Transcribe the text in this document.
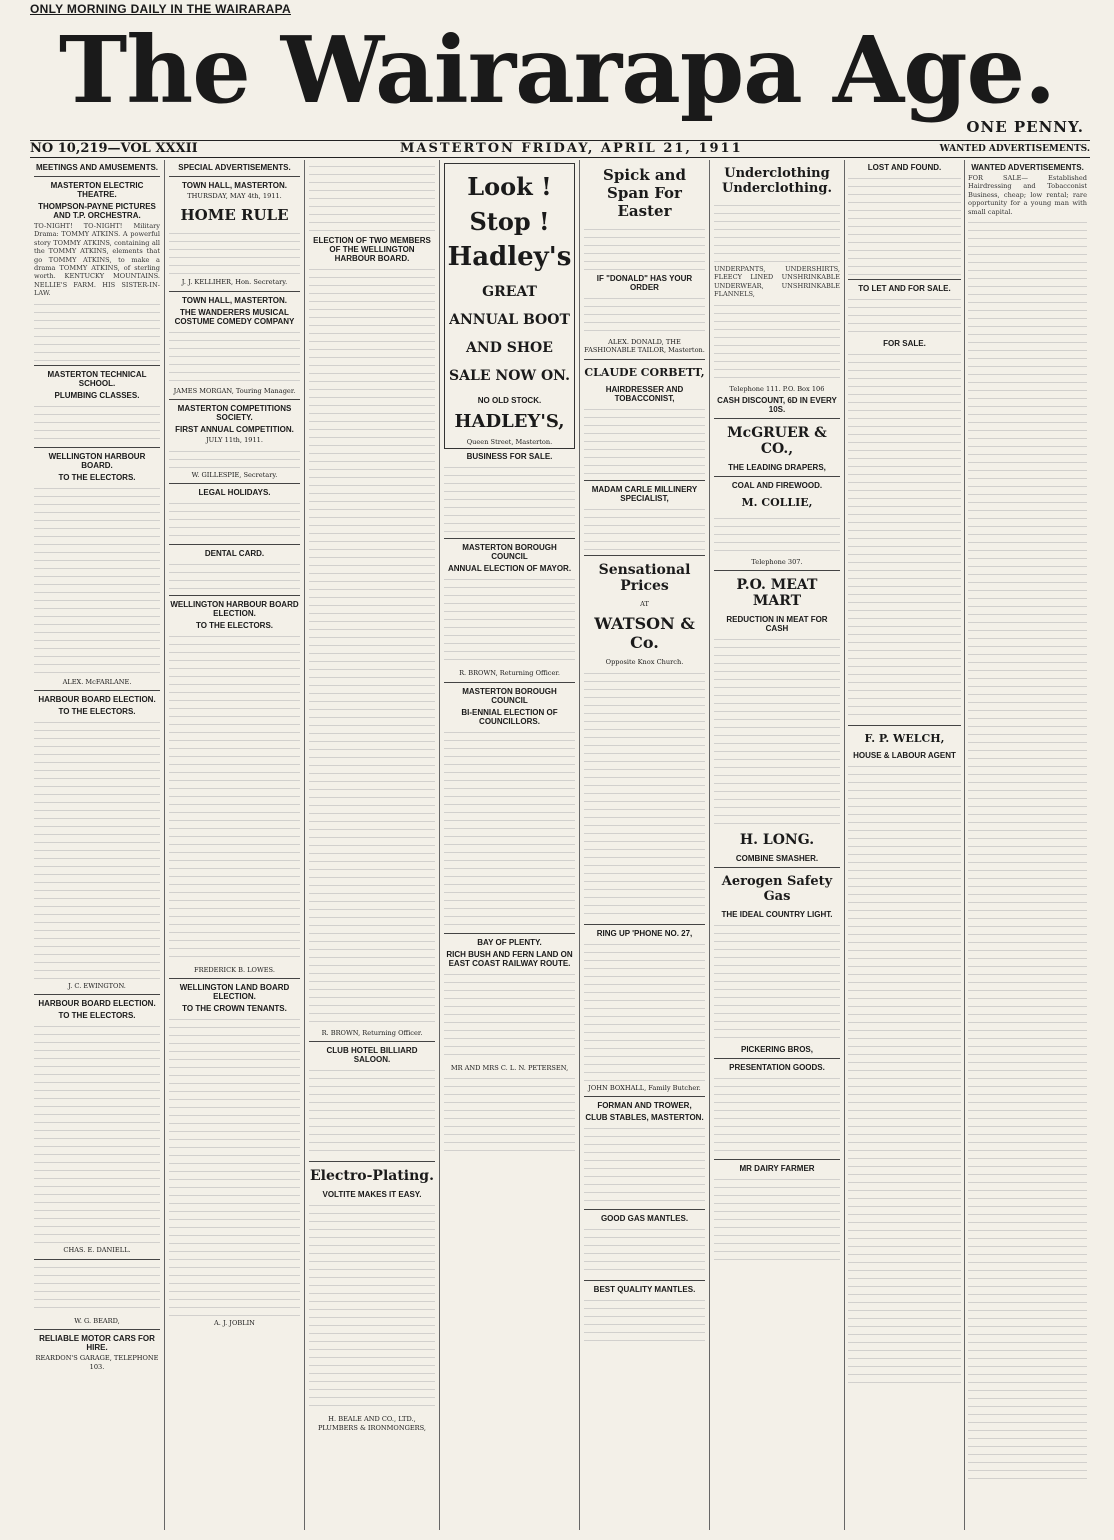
ONLY MORNING DAILY IN THE WAIRARAPA
The Wairarapa Age.
ONE PENNY.
NO 10,219—VOL XXXII	MASTERTON FRIDAY, APRIL 21, 1911	WANTED ADVERTISEMENTS.
MEETINGS AND AMUSEMENTS.
MASTERTON ELECTRIC THEATRE.
THOMPSON-PAYNE PICTURES AND T.P. ORCHESTRA.
TO-NIGHT! TO-NIGHT! Military Drama: TOMMY ATKINS. A powerful story TOMMY ATKINS, containing all the TOMMY ATKINS, elements that go TOMMY ATKINS, to make a drama TOMMY ATKINS, of sterling worth. KENTUCKY MOUNTAINS. NELLIE'S FARM. HIS SISTER-IN-LAW.
MASTERTON TECHNICAL SCHOOL.
PLUMBING CLASSES.
WELLINGTON HARBOUR BOARD.
TO THE ELECTORS.
ALEX. McFARLANE.
HARBOUR BOARD ELECTION.
TO THE ELECTORS.
J. C. EWINGTON.
HARBOUR BOARD ELECTION.
TO THE ELECTORS.
CHAS. E. DANIELL.
W. G. BEARD,
RELIABLE MOTOR CARS FOR HIRE.
REARDON'S GARAGE, TELEPHONE 103.
SPECIAL ADVERTISEMENTS.
TOWN HALL, MASTERTON.
THURSDAY, MAY 4th, 1911.
HOME RULE
J. J. KELLIHER, Hon. Secretary.
TOWN HALL, MASTERTON.
THE WANDERERS MUSICAL COSTUME COMEDY COMPANY
JAMES MORGAN, Touring Manager.
MASTERTON COMPETITIONS SOCIETY.
FIRST ANNUAL COMPETITION.
JULY 11th, 1911.
W. GILLESPIE, Secretary.
LEGAL HOLIDAYS.
DENTAL CARD.
WELLINGTON HARBOUR BOARD ELECTION.
TO THE ELECTORS.
FREDERICK B. LOWES.
WELLINGTON LAND BOARD ELECTION.
TO THE CROWN TENANTS.
A. J. JOBLIN
ELECTION OF TWO MEMBERS OF THE WELLINGTON HARBOUR BOARD.
R. BROWN, Returning Officer.
CLUB HOTEL BILLIARD SALOON.
Electro-Plating.
VOLTITE MAKES IT EASY.
H. BEALE AND CO., LTD., PLUMBERS & IRONMONGERS,
Look !
Stop !
Hadley's
GREAT ANNUAL BOOT AND SHOE SALE NOW ON.
NO OLD STOCK.
HADLEY'S,
Queen Street, Masterton.
BUSINESS FOR SALE.
MASTERTON BOROUGH COUNCIL
ANNUAL ELECTION OF MAYOR.
R. BROWN, Returning Officer.
MASTERTON BOROUGH COUNCIL
BI-ENNIAL ELECTION OF COUNCILLORS.
BAY OF PLENTY.
RICH BUSH AND FERN LAND ON EAST COAST RAILWAY ROUTE.
MR AND MRS C. L. N. PETERSEN,
Spick and Span For Easter
IF "DONALD" HAS YOUR ORDER
ALEX. DONALD, THE FASHIONABLE TAILOR, Masterton.
CLAUDE CORBETT,
HAIRDRESSER AND TOBACCONIST,
MADAM CARLE MILLINERY SPECIALIST,
Sensational Prices
AT
WATSON & Co.
Opposite Knox Church.
RING UP 'PHONE NO. 27,
JOHN BOXHALL, Family Butcher.
FORMAN AND TROWER,
CLUB STABLES, MASTERTON.
GOOD GAS MANTLES.
BEST QUALITY MANTLES.
Underclothing Underclothing.
UNDERPANTS, UNDERSHIRTS, FLEECY LINED UNSHRINKABLE UNDERWEAR, UNSHRINKABLE FLANNELS,
Telephone 111. P.O. Box 106
CASH DISCOUNT, 6D IN EVERY 10S.
McGRUER & CO.,
THE LEADING DRAPERS,
COAL AND FIREWOOD.
M. COLLIE,
Telephone 307.
P.O. MEAT MART
REDUCTION IN MEAT FOR CASH
H. LONG.
COMBINE SMASHER.
Aerogen Safety Gas
THE IDEAL COUNTRY LIGHT.
PICKERING BROS,
PRESENTATION GOODS.
MR DAIRY FARMER
LOST AND FOUND.
TO LET AND FOR SALE.
FOR SALE.
F. P. WELCH,
HOUSE & LABOUR AGENT
WANTED ADVERTISEMENTS.
FOR SALE— Established Hairdressing and Tobacconist Business, cheap; low rental; rare opportunity for a young man with small capital.
